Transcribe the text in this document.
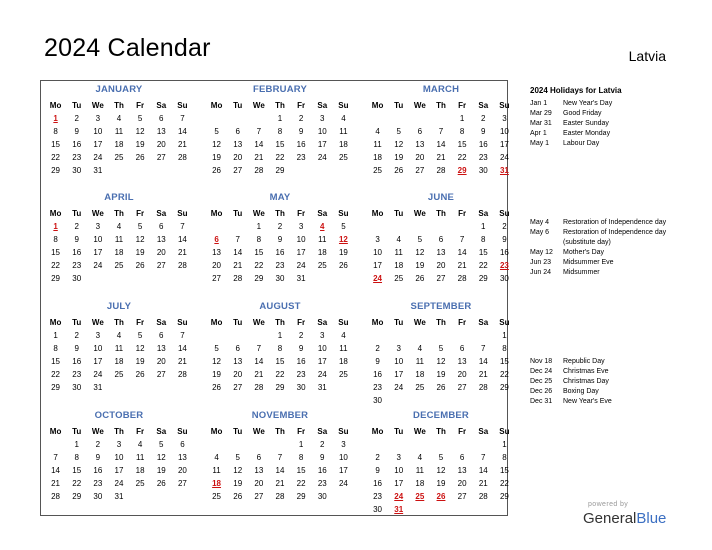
2024 Calendar	Latvia
JANUARY
Mo	Tu	We	Th	Fr	Sa	Su
1	2	3	4	5	6	7
8	9	10	11	12	13	14
15	16	17	18	19	20	21
22	23	24	25	26	27	28
29	30	31				

FEBRUARY
Mo	Tu	We	Th	Fr	Sa	Su
			1	2	3	4
5	6	7	8	9	10	11
12	13	14	15	16	17	18
19	20	21	22	23	24	25
26	27	28	29			

MARCH
Mo	Tu	We	Th	Fr	Sa	Su
				1	2	3
4	5	6	7	8	9	10
11	12	13	14	15	16	17
18	19	20	21	22	23	24
25	26	27	28	29	30	31

APRIL
Mo	Tu	We	Th	Fr	Sa	Su
1	2	3	4	5	6	7
8	9	10	11	12	13	14
15	16	17	18	19	20	21
22	23	24	25	26	27	28
29	30					

MAY
Mo	Tu	We	Th	Fr	Sa	Su
		1	2	3	4	5
6	7	8	9	10	11	12
13	14	15	16	17	18	19
20	21	22	23	24	25	26
27	28	29	30	31		

JUNE
Mo	Tu	We	Th	Fr	Sa	Su
					1	2
3	4	5	6	7	8	9
10	11	12	13	14	15	16
17	18	19	20	21	22	23
24	25	26	27	28	29	30

JULY
Mo	Tu	We	Th	Fr	Sa	Su
1	2	3	4	5	6	7
8	9	10	11	12	13	14
15	16	17	18	19	20	21
22	23	24	25	26	27	28
29	30	31				

AUGUST
Mo	Tu	We	Th	Fr	Sa	Su
			1	2	3	4
5	6	7	8	9	10	11
12	13	14	15	16	17	18
19	20	21	22	23	24	25
26	27	28	29	30	31	

SEPTEMBER
Mo	Tu	We	Th	Fr	Sa	Su
						1
2	3	4	5	6	7	8
9	10	11	12	13	14	15
16	17	18	19	20	21	22
23	24	25	26	27	28	29
30						
OCTOBER
Mo	Tu	We	Th	Fr	Sa	Su
	1	2	3	4	5	6
7	8	9	10	11	12	13
14	15	16	17	18	19	20
21	22	23	24	25	26	27
28	29	30	31			

NOVEMBER
Mo	Tu	We	Th	Fr	Sa	Su
				1	2	3
4	5	6	7	8	9	10
11	12	13	14	15	16	17
18	19	20	21	22	23	24
25	26	27	28	29	30	

DECEMBER
Mo	Tu	We	Th	Fr	Sa	Su
						1
2	3	4	5	6	7	8
9	10	11	12	13	14	15
16	17	18	19	20	21	22
23	24	25	26	27	28	29
30	31					
2024 Holidays for Latvia
Jan 1	New Year's Day
Mar 29	Good Friday
Mar 31	Easter Sunday
Apr 1	Easter Monday
May 1	Labour Day
May 4	Restoration of Independence day
May 6	Restoration of Independence day (substitute day)
May 12	Mother's Day
Jun 23	Midsummer Eve
Jun 24	Midsummer
Nov 18	Republic Day
Dec 24	Christmas Eve
Dec 25	Christmas Day
Dec 26	Boxing Day
Dec 31	New Year's Eve
powered by
GeneralBlue
